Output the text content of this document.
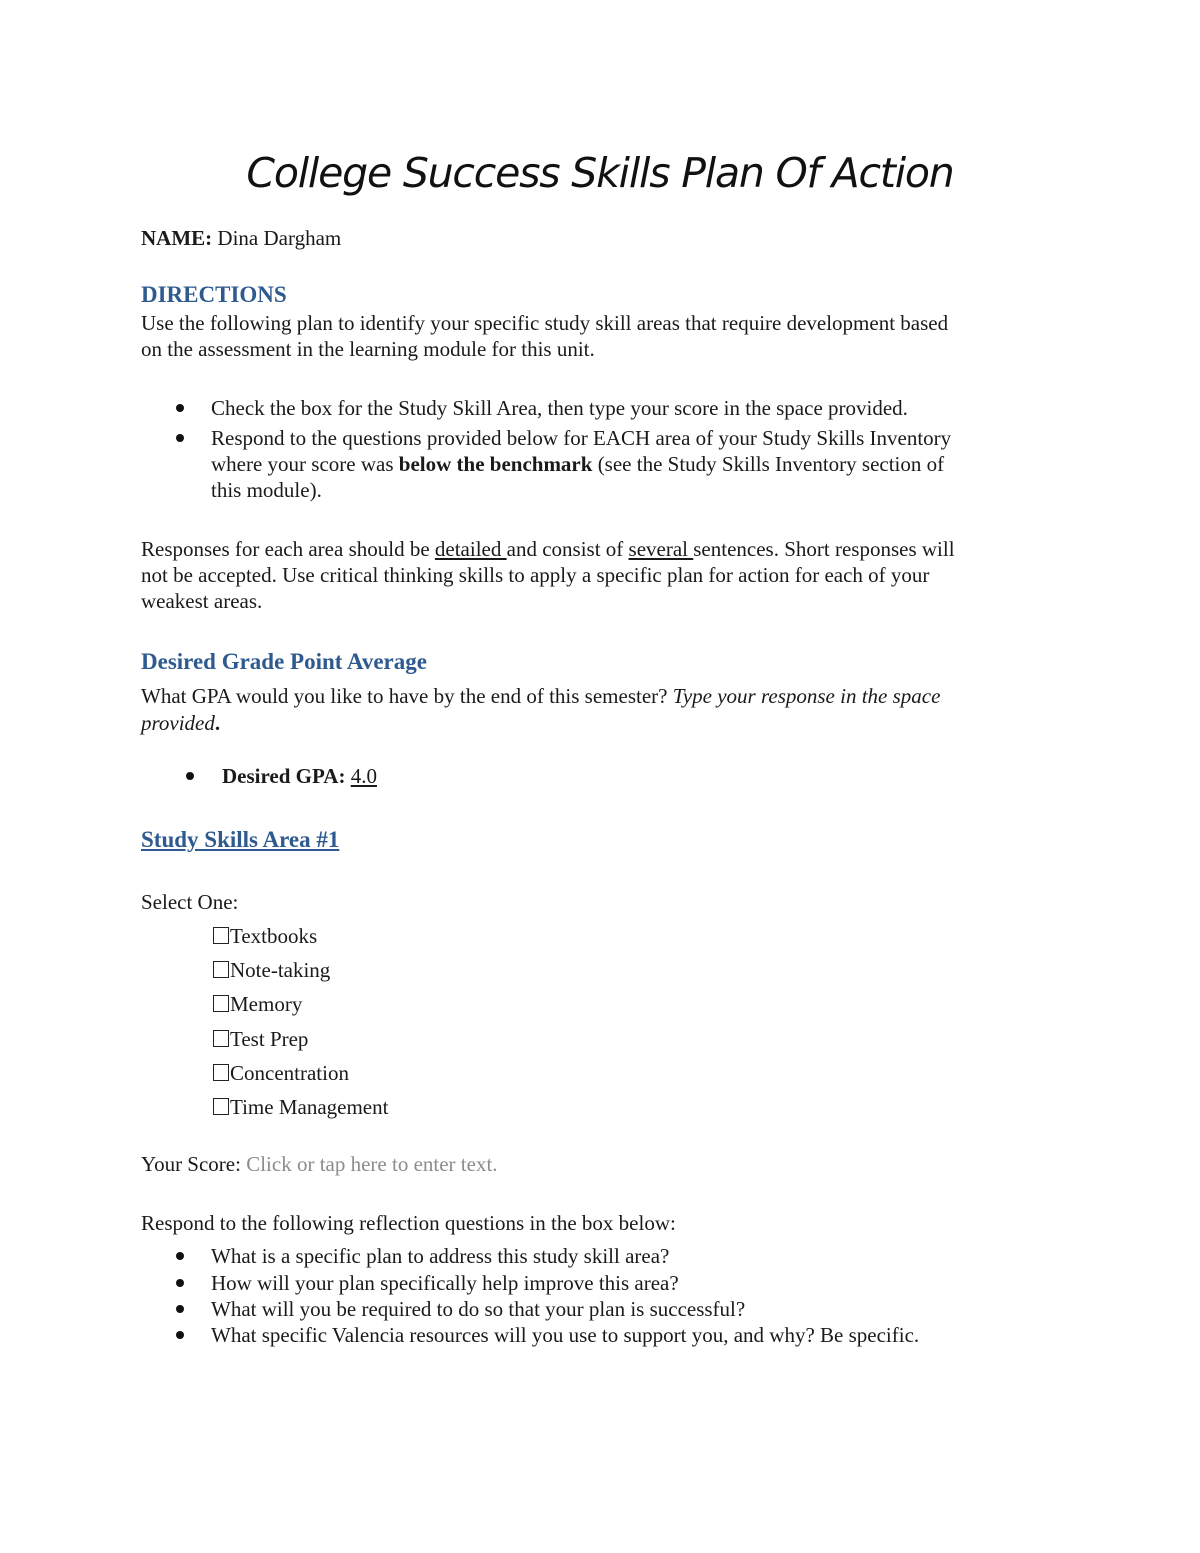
College Success Skills Plan Of Action
NAME: Dina Dargham
DIRECTIONS
Use the following plan to identify your specific study skill areas that require development based
on the assessment in the learning module for this unit.
Check the box for the Study Skill Area, then type your score in the space provided.
Respond to the questions provided below for EACH area of your Study Skills Inventory
where your score was below the benchmark (see the Study Skills Inventory section of
this module).
Responses for each area should be detailed and consist of several sentences. Short responses will
not be accepted. Use critical thinking skills to apply a specific plan for action for each of your
weakest areas.
Desired Grade Point Average
What GPA would you like to have by the end of this semester? Type your response in the space
provided.
Desired GPA: 4.0
Study Skills Area #1
Select One:
Textbooks
Note-taking
Memory
Test Prep
Concentration
Time Management
Your Score: Click or tap here to enter text.
Respond to the following reflection questions in the box below:
What is a specific plan to address this study skill area?
How will your plan specifically help improve this area?
What will you be required to do so that your plan is successful?
What specific Valencia resources will you use to support you, and why? Be specific.
